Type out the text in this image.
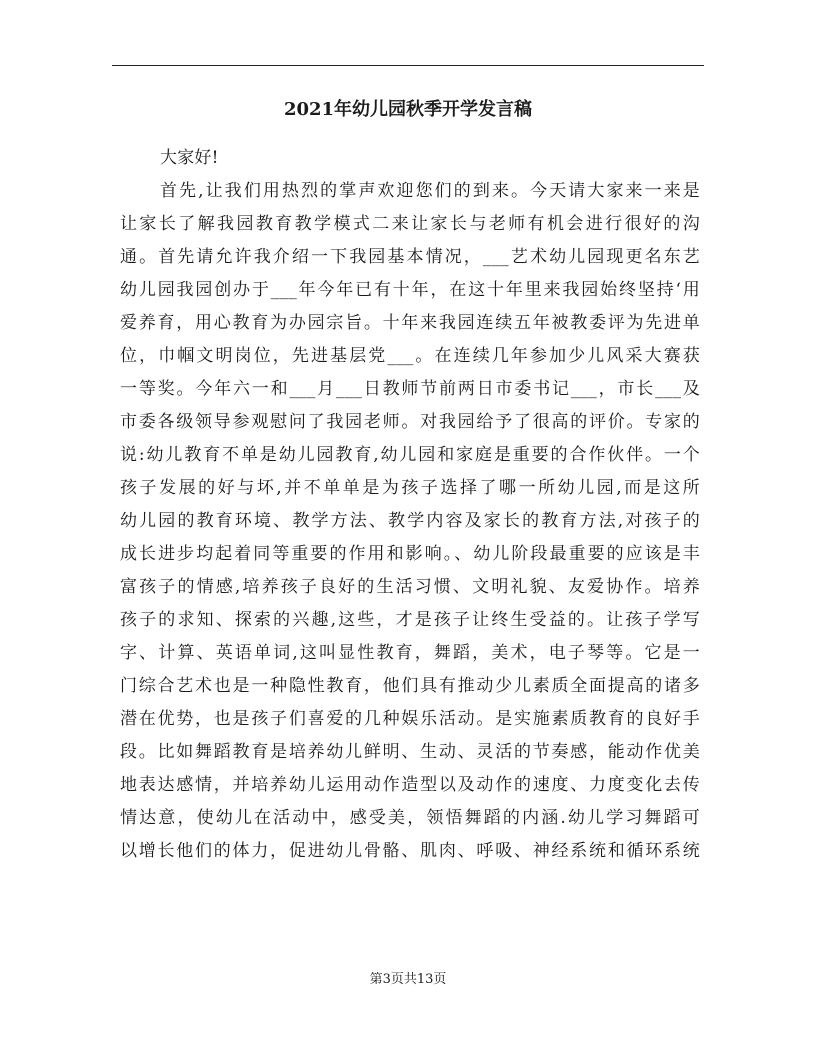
2021年幼儿园秋季开学发言稿
大家好!
首先,让我们用热烈的掌声欢迎您们的到来。今天请大家来一来是
让家长了解我园教育教学模式二来让家长与老师有机会进行很好的沟
通。首先请允许我介绍一下我园基本情况，___艺术幼儿园现更名东艺
幼儿园我园创办于___年今年已有十年，在这十年里来我园始终坚持‘用
爱养育，用心教育为办园宗旨。十年来我园连续五年被教委评为先进单
位，巾帼文明岗位，先进基层党___。在连续几年参加少儿风采大赛获
一等奖。今年六一和___月___日教师节前两日市委书记___，市长___及
市委各级领导参观慰问了我园老师。对我园给予了很高的评价。专家的
说:幼儿教育不单是幼儿园教育,幼儿园和家庭是重要的合作伙伴。一个
孩子发展的好与坏,并不单单是为孩子选择了哪一所幼儿园,而是这所
幼儿园的教育环境、教学方法、教学内容及家长的教育方法,对孩子的
成长进步均起着同等重要的作用和影响。、幼儿阶段最重要的应该是丰
富孩子的情感,培养孩子良好的生活习惯、文明礼貌、友爱协作。培养
孩子的求知、探索的兴趣,这些，才是孩子让终生受益的。让孩子学写
字、计算、英语单词,这叫显性教育，舞蹈，美术，电子琴等。它是一
门综合艺术也是一种隐性教育，他们具有推动少儿素质全面提高的诸多
潜在优势，也是孩子们喜爱的几种娱乐活动。是实施素质教育的良好手
段。比如舞蹈教育是培养幼儿鲜明、生动、灵活的节奏感，能动作优美
地表达感情，并培养幼儿运用动作造型以及动作的速度、力度变化去传
情达意，使幼儿在活动中，感受美，领悟舞蹈的内涵.幼儿学习舞蹈可
以增长他们的体力，促进幼儿骨骼、肌肉、呼吸、神经系统和循环系统
第3页共13页
